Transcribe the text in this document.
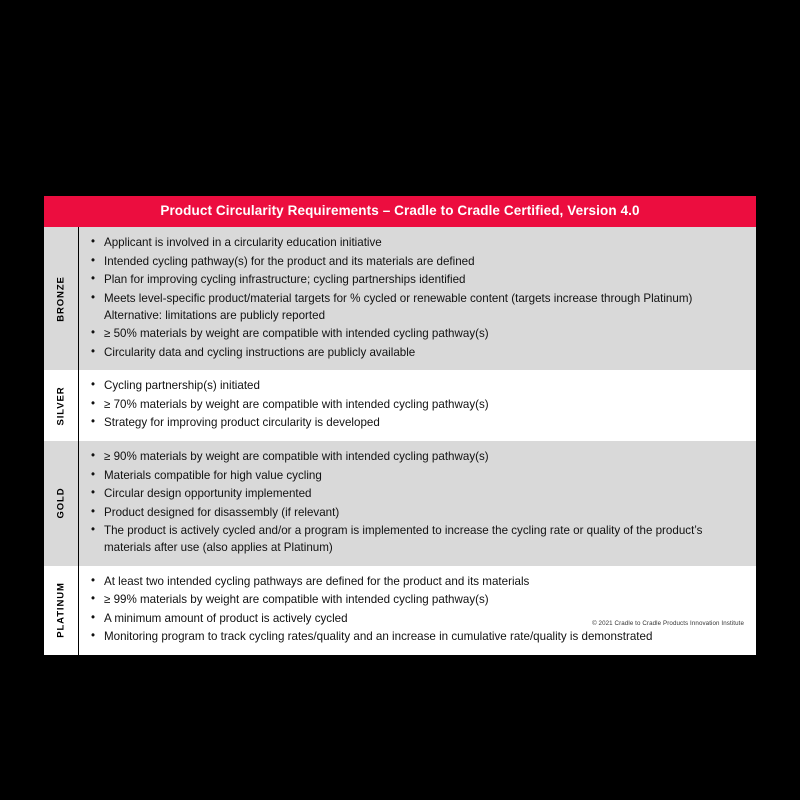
Product Circularity Requirements – Cradle to Cradle Certified, Version 4.0
BRONZE
• Applicant is involved in a circularity education initiative
• Intended cycling pathway(s) for the product and its materials are defined
• Plan for improving cycling infrastructure; cycling partnerships identified
• Meets level-specific product/material targets for % cycled or renewable content (targets increase through Platinum) Alternative: limitations are publicly reported
• ≥ 50% materials by weight are compatible with intended cycling pathway(s)
• Circularity data and cycling instructions are publicly available
SILVER
• Cycling partnership(s) initiated
• ≥ 70% materials by weight are compatible with intended cycling pathway(s)
• Strategy for improving product circularity is developed
GOLD
• ≥ 90% materials by weight are compatible with intended cycling pathway(s)
• Materials compatible for high value cycling
• Circular design opportunity implemented
• Product designed for disassembly (if relevant)
• The product is actively cycled and/or a program is implemented to increase the cycling rate or quality of the product’s materials after use (also applies at Platinum)
PLATINUM
• At least two intended cycling pathways are defined for the product and its materials
• ≥ 99% materials by weight are compatible with intended cycling pathway(s)
• A minimum amount of product is actively cycled
• Monitoring program to track cycling rates/quality and an increase in cumulative rate/quality is demonstrated
© 2021 Cradle to Cradle Products Innovation Institute
